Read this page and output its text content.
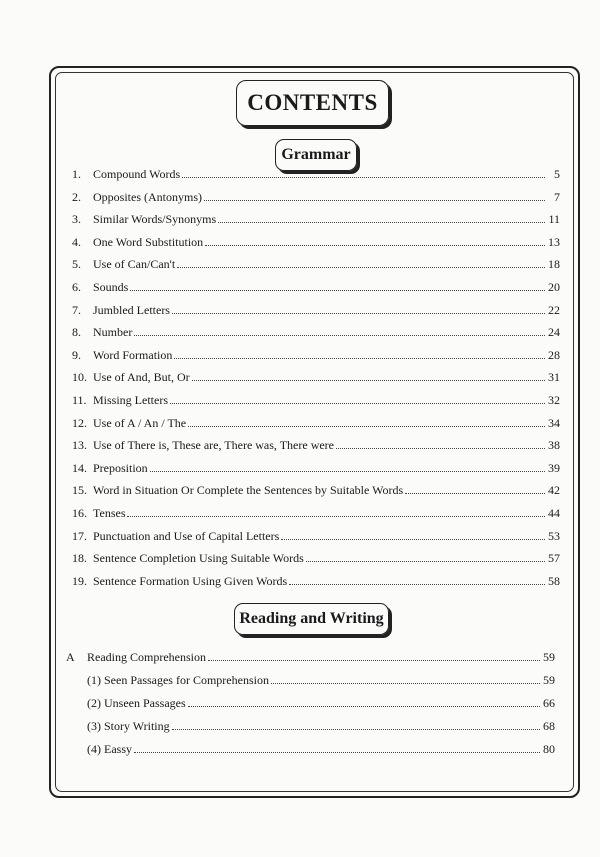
CONTENTS
Grammar
Reading and Writing
1.	Compound Words	5
2.	Opposites (Antonyms)	7
3.	Similar Words/Synonyms	11
4.	One Word Substitution	13
5.	Use of Can/Can't	18
6.	Sounds	20
7.	Jumbled Letters	22
8.	Number	24
9.	Word Formation	28
10. Use of And, But, Or	31
11. Missing Letters	32
12. Use of A / An / The	34
13. Use of There is, These are, There was, There were	38
14. Preposition	39
15. Word in Situation Or Complete the Sentences by Suitable Words	42
16. Tenses	44
17. Punctuation and Use of Capital Letters	53
18. Sentence Completion Using Suitable Words	57
19. Sentence Formation Using Given Words	58
A	Reading Comprehension	59
(1) Seen Passages for Comprehension	59
(2) Unseen Passages	66
(3) Story Writing	68
(4) Eassy	80
